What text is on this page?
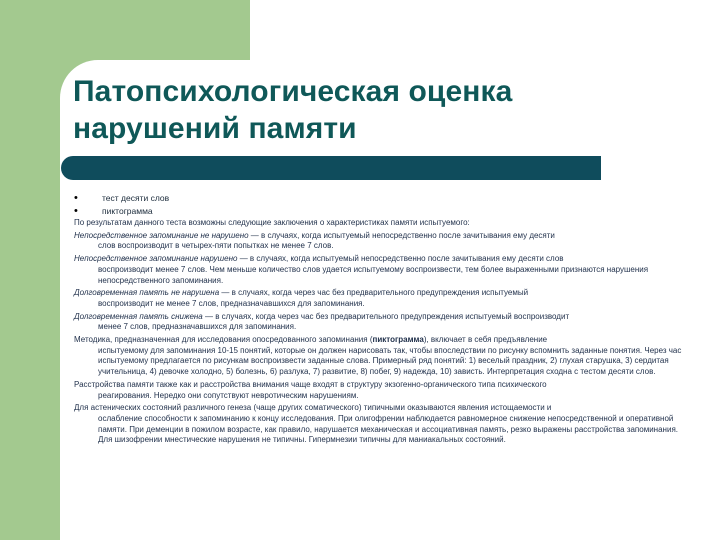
Патопсихологическая оценка
нарушений памяти
•	тест десяти слов
•	пиктограмма

По результатам данного теста возможны следующие заключения о характеристиках памяти испытуемого:

Непосредственное запоминание не нарушено — в случаях, когда испытуемый непосредственно после зачитывания ему десяти
слов воспроизводит в четырех-пяти попытках не менее 7 слов.

Непосредственное запоминание нарушено — в случаях, когда испытуемый непосредственно после зачитывания ему десяти слов
воспроизводит менее 7 слов. Чем меньше количество слов удается испытуемому воспроизвести, тем более выраженными признаются нарушения непосредственного запоминания.

Долговременная память не нарушена — в случаях, когда через час без предварительного предупреждения испытуемый
воспроизводит не менее 7 слов, предназначавшихся для запоминания.

Долговременная память снижена — в случаях, когда через час без предварительного предупреждения испытуемый воспроизводит
менее 7 слов, предназначавшихся для запоминания.

Методика, предназначенная для исследования опосредованного запоминания (пиктограмма), включает в себя предъявление
испытуемому для запоминания 10-15 понятий, которые он должен нарисовать так, чтобы впоследствии по рисунку вспомнить заданные понятия. Через час испытуемому предлагается по рисункам воспроизвести заданные слова. Примерный ряд понятий: 1) веселый праздник, 2) глухая старушка, 3) сердитая учительница, 4) девочке холодно, 5) болезнь, 6) разлука, 7) развитие, 8) побег, 9) надежда, 10) зависть. Интерпретация сходна с тестом десяти слов.

Расстройства памяти также как и расстройства внимания чаще входят в структуру экзогенно-органического типа психического
реагирования. Нередко они сопутствуют невротическим нарушениям.

Для астенических состояний различного генеза (чаще других соматического) типичными оказываются явления истощаемости и
ослабление способности к запоминанию к концу исследования. При олигофрении наблюдается равномерное снижение непосредственной и оперативной памяти. При деменции в пожилом возрасте, как правило, нарушается механическая и ассоциативная память, резко выражены расстройства запоминания. Для шизофрении мнестические нарушения не типичны. Гипермнезии типичны для маниакальных состояний.
